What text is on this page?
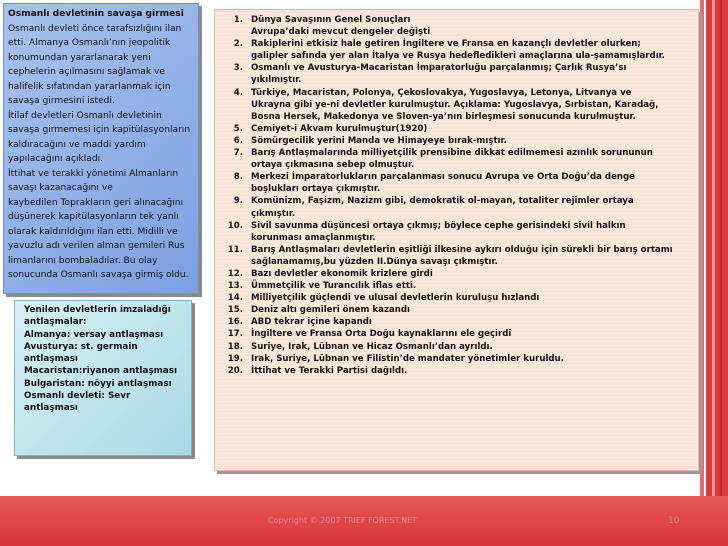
Copyright © 2007 TRIEF FOREST.NET	10
Osmanlı devletinin savaşa girmesi
Osmanlı devleti önce tarafsızlığını ilan etti. Almanya Osmanlı’nın jeopolitik konumundan yararlanarak yeni cephelerin açılmasını sağlamak ve halifelik sıfatından yararlanmak için savaşa girmesini istedi.
İtilaf devletleri Osmanlı devletinin savaşa girmemesi için kapitülasyonların kaldıracağını ve maddi yardım yapılacağını açıkladı.
İttihat ve terakki yönetimi Almanların savaşı kazanacağını ve
kaybedilen Toprakların geri alınacağını düşünerek kapitülasyonların tek yanlı olarak kaldırıldığını ilan etti. Midilli ve yavuzlu adı verilen alman gemileri Rus limanlarını bombaladılar. Bu olay sonucunda Osmanlı savaşa girmiş oldu.
Yenilen devletlerin imzaladığı antlaşmalar:
Almanya: versay antlaşması
Avusturya: st. germain antlaşması
Macaristan:riyanon antlaşması
Bulgaristan: nöyyi antlaşması
Osmanlı devleti: Sevr antlaşması
1. Dünya Savaşının Genel Sonuçları
Avrupa’daki mevcut dengeler değişti
2. Rakiplerini etkisiz hale getiren İngiltere ve Fransa en kazançlı devletler olurken;
galipler safında yer alan İtalya ve Rusya hedefledikleri amaçlarına ula-şamamışlardır.
3. Osmanlı ve Avusturya-Macaristan İmparatorluğu parçalanmış; Çarlık Rusya’sı
yıkılmıştır.
4. Türkiye, Macaristan, Polonya, Çekoslovakya, Yugoslavya, Letonya, Litvanya ve
Ukrayna gibi ye-ni devletler kurulmuştur. Açıklama: Yugoslavya, Sırbistan, Karadağ,
Bosna Hersek, Makedonya ve Sloven-ya’nın birleşmesi sonucunda kurulmuştur.
5. Cemiyet-i Akvam kurulmuştur(1920)
6. Sömürgecilik yerini Manda ve Himayeye bırak-mıştır.
7. Barış Antlaşmalarında milliyetçilik prensibine dikkat edilmemesi azınlık sorununun
ortaya çıkmasına sebep olmuştur.
8. Merkezi İmparatorlukların parçalanması sonucu Avrupa ve Orta Doğu’da denge
boşlukları ortaya çıkmıştır.
9. Komünizm, Faşizm, Nazizm gibi, demokratik ol-mayan, totaliter rejimler ortaya
çıkmıştır.
10. Sivil savunma düşüncesi ortaya çıkmış; böylece cephe gerisindeki sivil halkın
korunması amaçlanmıştır.
11. Barış Antlaşmaları devletlerin eşitliği ilkesine aykırı olduğu için sürekli bir barış ortamı
sağlanamamış,bu yüzden II.Dünya savaşı çıkmıştır.
12. Bazı devletler ekonomik krizlere girdi
13. Ümmetçilik ve Turancılık iflas etti.
14. Milliyetçilik güçlendi ve ulusal devletlerin kuruluşu hızlandı
15. Deniz altı gemileri önem kazandı
16. ABD tekrar içine kapandı
17. İngiltere ve Fransa Orta Doğu kaynaklarını ele geçirdi
18. Suriye, Irak, Lübnan ve Hicaz Osmanlı’dan ayrıldı.
19. Irak, Suriye, Lübnan ve Filistin’de mandater yönetimler kuruldu.
20. İttihat ve Terakki Partisi dağıldı.
